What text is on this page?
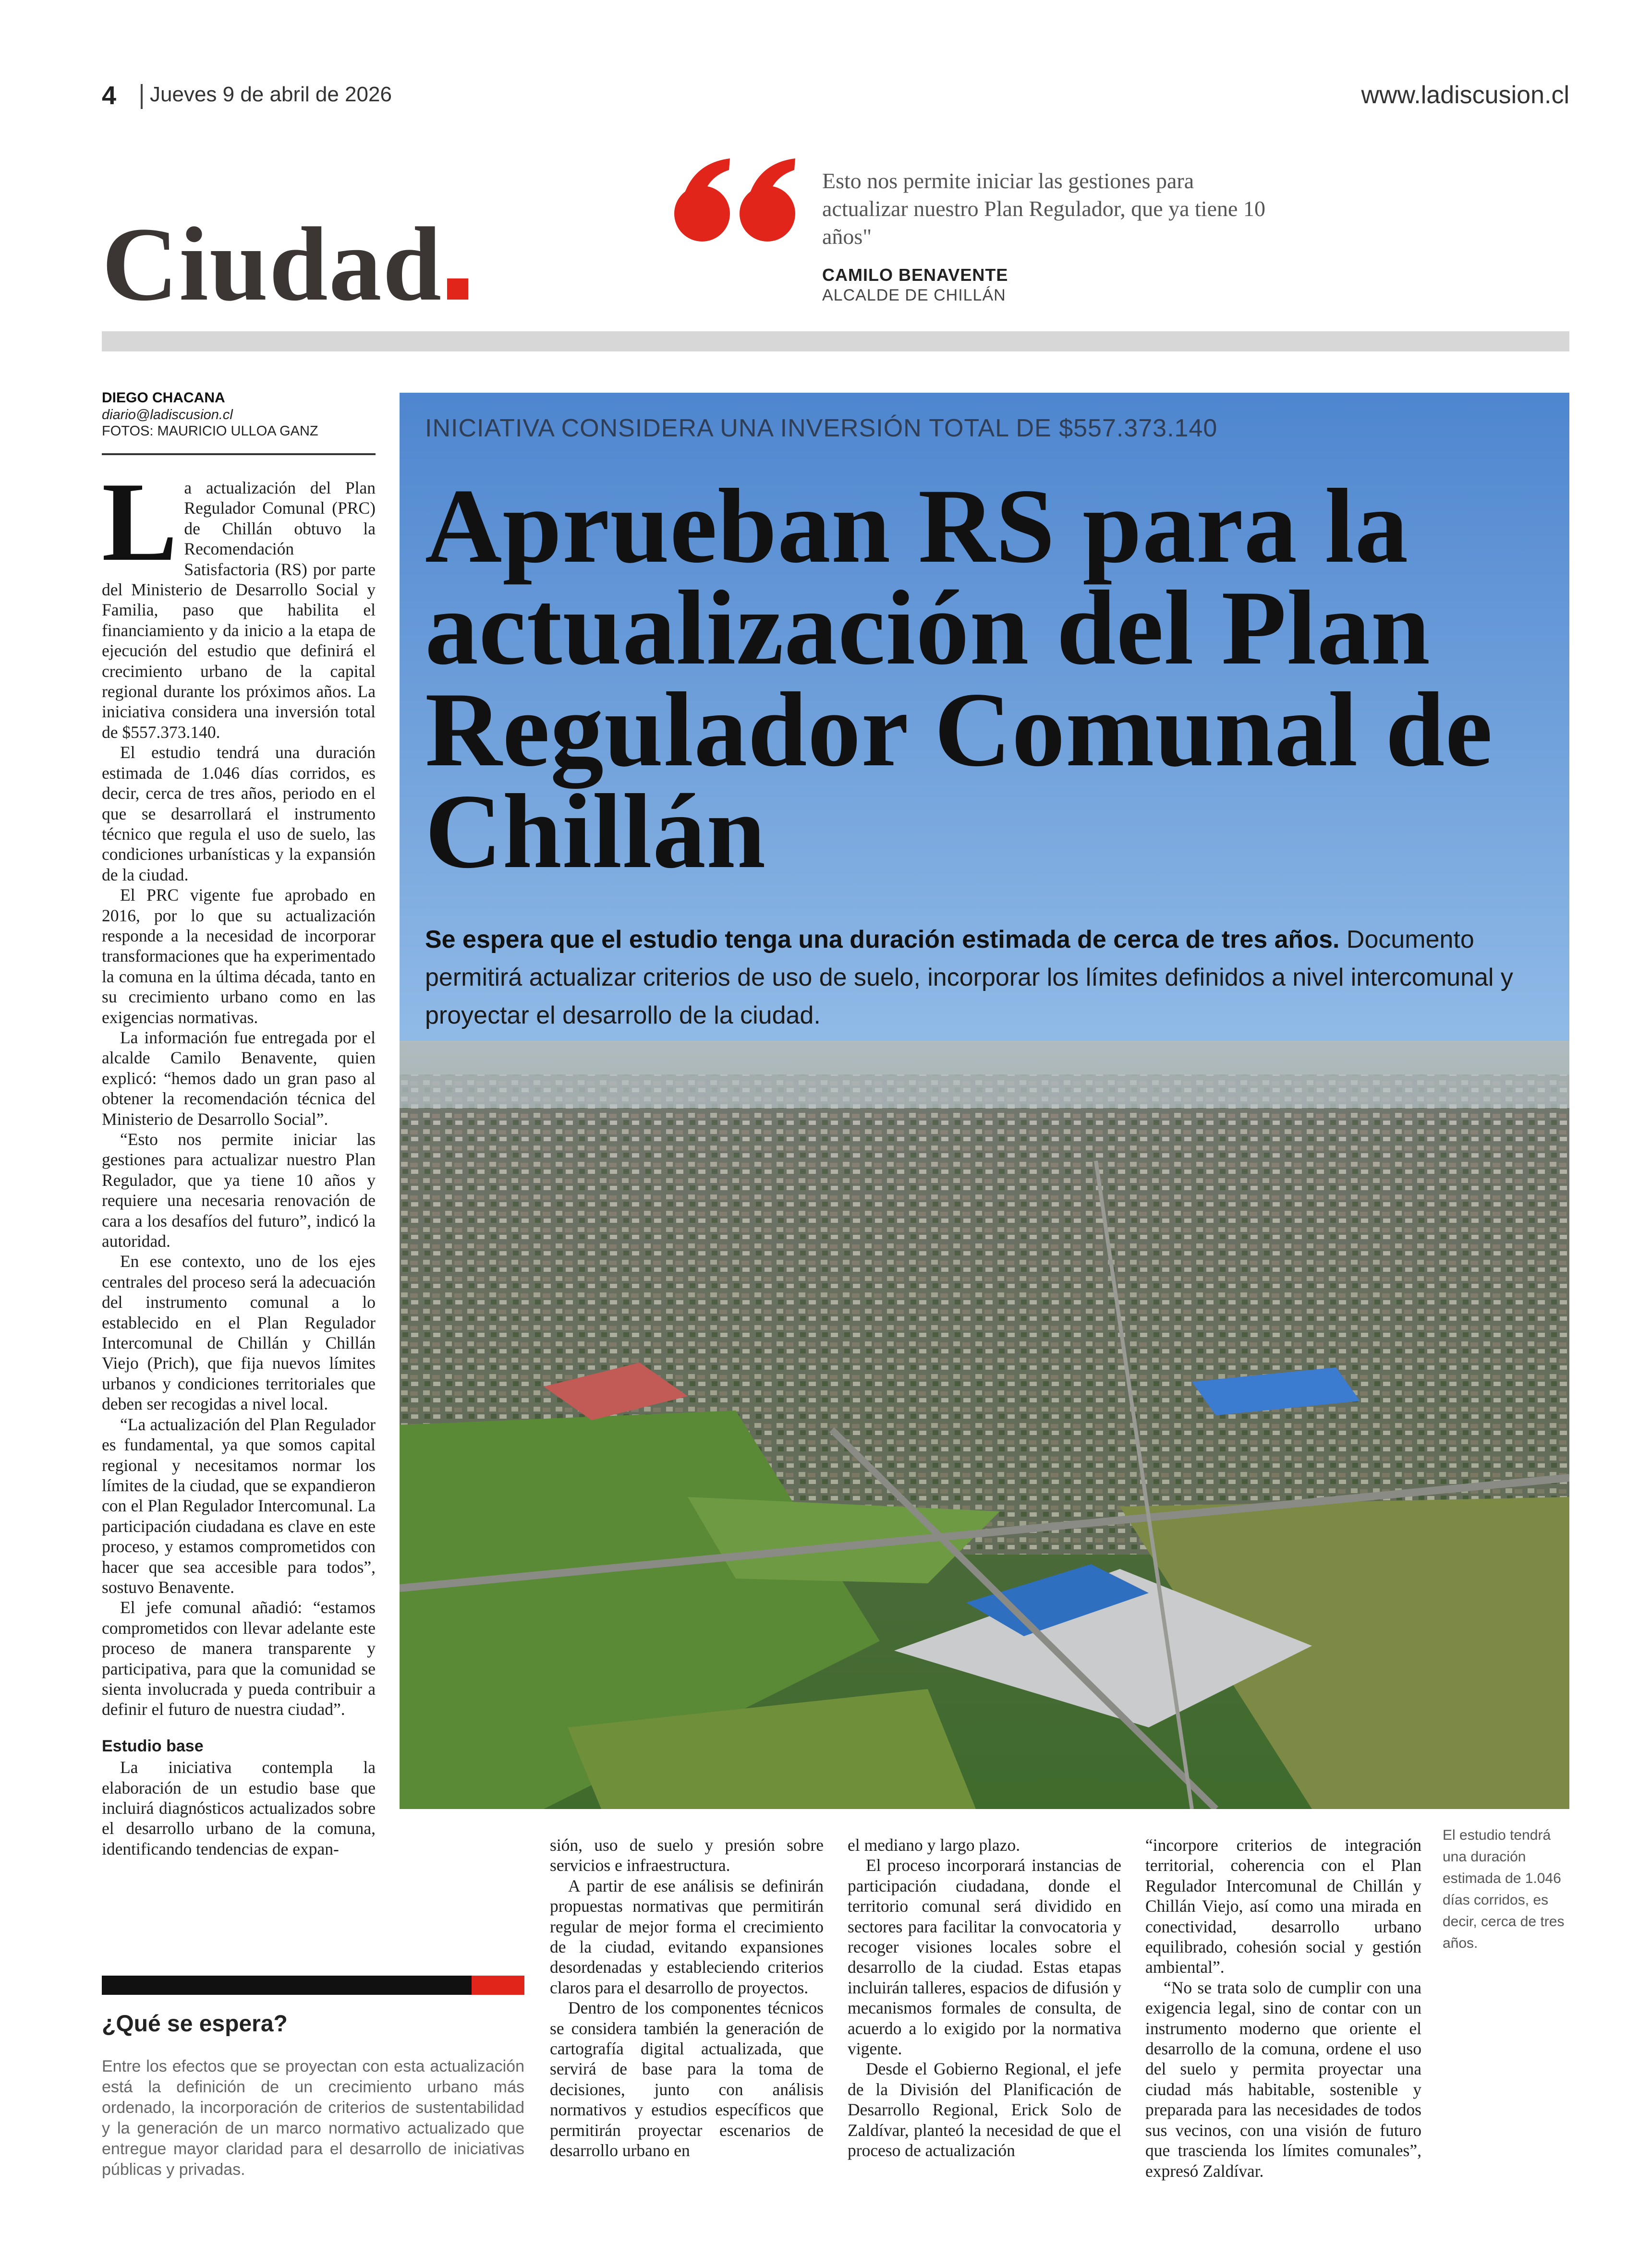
4 Jueves 9 de abril de 2026	www.ladiscusion.cl
Ciudad
Esto nos permite iniciar las gestiones para actualizar nuestro Plan Regulador, que ya tiene 10 años"
CAMILO BENAVENTE
ALCALDE DE CHILLÁN
DIEGO CHACANA
diario@ladiscusion.cl
FOTOS: MAURICIO ULLOA GANZ

La actualización del Plan Regulador Comunal (PRC) de Chillán obtuvo la Recomendación Satisfactoria (RS) por parte del Ministerio de Desarrollo Social y Familia, paso que habilita el financiamiento y da inicio a la etapa de ejecución del estudio que definirá el crecimiento urbano de la capital regional durante los próximos años. La iniciativa considera una inversión total de $557.373.140.

El estudio tendrá una duración estimada de 1.046 días corridos, es decir, cerca de tres años, periodo en el que se desarrollará el instrumento técnico que regula el uso de suelo, las condiciones urbanísticas y la expansión de la ciudad.

El PRC vigente fue aprobado en 2016, por lo que su actualización responde a la necesidad de incorporar transformaciones que ha experimentado la comuna en la última década, tanto en su crecimiento urbano como en las exigencias normativas.

La información fue entregada por el alcalde Camilo Benavente, quien explicó: “hemos dado un gran paso al obtener la recomendación técnica del Ministerio de Desarrollo Social”.

“Esto nos permite iniciar las gestiones para actualizar nuestro Plan Regulador, que ya tiene 10 años y requiere una necesaria renovación de cara a los desafíos del futuro”, indicó la autoridad.

En ese contexto, uno de los ejes centrales del proceso será la adecuación del instrumento comunal a lo establecido en el Plan Regulador Intercomunal de Chillán y Chillán Viejo (Prich), que fija nuevos límites urbanos y condiciones territoriales que deben ser recogidas a nivel local.

“La actualización del Plan Regulador es fundamental, ya que somos capital regional y necesitamos normar los límites de la ciudad, que se expandieron con el Plan Regulador Intercomunal. La participación ciudadana es clave en este proceso, y estamos comprometidos con hacer que sea accesible para todos”, sostuvo Benavente.

El jefe comunal añadió: “estamos comprometidos con llevar adelante este proceso de manera transparente y participativa, para que la comunidad se sienta involucrada y pueda contribuir a definir el futuro de nuestra ciudad”.

Estudio base

La iniciativa contempla la elaboración de un estudio base que incluirá diagnósticos actualizados sobre el desarrollo urbano de la comuna, identificando tendencias de expan-

INICIATIVA CONSIDERA UNA INVERSIÓN TOTAL DE $557.373.140
Aprueban RS para la actualización del Plan Regulador Comunal de Chillán
Se espera que el estudio tenga una duración estimada de cerca de tres años. Documento permitirá actualizar criterios de uso de suelo, incorporar los límites definidos a nivel intercomunal y proyectar el desarrollo de la ciudad.
El estudio tendrá una duración estimada de 1.046 días corridos, es decir, cerca de tres años.

sión, uso de suelo y presión sobre servicios e infraestructura.

A partir de ese análisis se definirán propuestas normativas que permitirán regular de mejor forma el crecimiento de la ciudad, evitando expansiones desordenadas y estableciendo criterios claros para el desarrollo de proyectos.

Dentro de los componentes técnicos se considera también la generación de cartografía digital actualizada, que servirá de base para la toma de decisiones, junto con análisis normativos y estudios específicos que permitirán proyectar escenarios de desarrollo urbano en

el mediano y largo plazo.

El proceso incorporará instancias de participación ciudadana, donde el territorio comunal será dividido en sectores para facilitar la convocatoria y recoger visiones locales sobre el desarrollo de la ciudad. Estas etapas incluirán talleres, espacios de difusión y mecanismos formales de consulta, de acuerdo a lo exigido por la normativa vigente.

Desde el Gobierno Regional, el jefe de la División del Planificación de Desarrollo Regional, Erick Solo de Zaldívar, planteó la necesidad de que el proceso de actualización

“incorpore criterios de integración territorial, coherencia con el Plan Regulador Intercomunal de Chillán y Chillán Viejo, así como una mirada en conectividad, desarrollo urbano equilibrado, cohesión social y gestión ambiental”.

“No se trata solo de cumplir con una exigencia legal, sino de contar con un instrumento moderno que oriente el desarrollo de la comuna, ordene el uso del suelo y permita proyectar una ciudad más habitable, sostenible y preparada para las necesidades de todos sus vecinos, con una visión de futuro que trascienda los límites comunales”, expresó Zaldívar.

¿Qué se espera?
Entre los efectos que se proyectan con esta actualización está la definición de un crecimiento urbano más ordenado, la incorporación de criterios de sustentabilidad y la generación de un marco normativo actualizado que entregue mayor claridad para el desarrollo de iniciativas públicas y privadas.
